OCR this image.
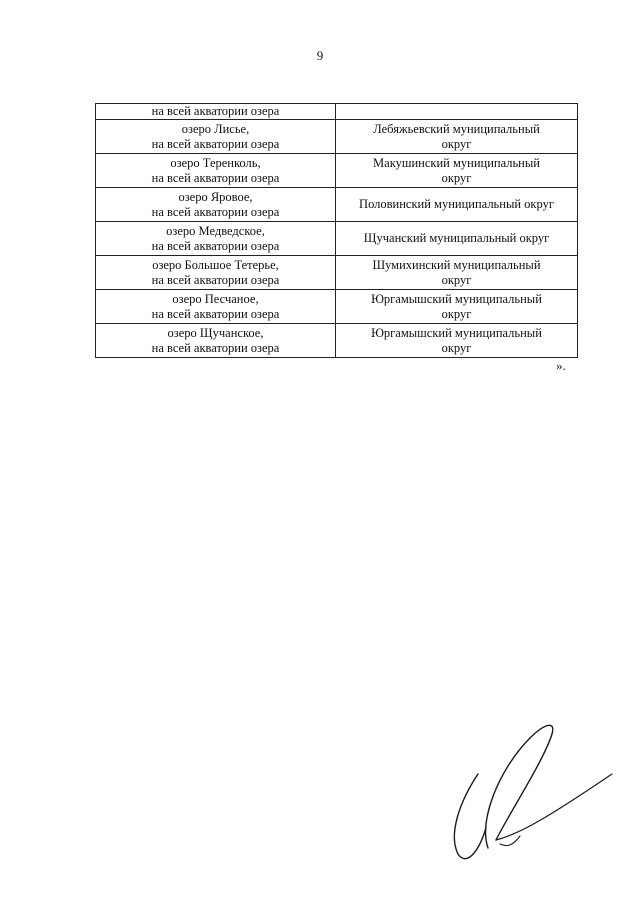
9
на всей акватории озера	

озеро Лисье,
на всей акватории озера	Лебяжьевский муниципальный
округ

озеро Теренколь,
на всей акватории озера	Макушинский муниципальный
округ

озеро Яровое,
на всей акватории озера	Половинский муниципальный округ

озеро Медведское,
на всей акватории озера	Щучанский муниципальный округ

озеро Большое Тетерье,
на всей акватории озера	Шумихинский муниципальный
округ

озеро Песчаное,
на всей акватории озера	Юргамышский муниципальный
округ

озеро Щучанское,
на всей акватории озера	Юргамышский муниципальный
округ
».
